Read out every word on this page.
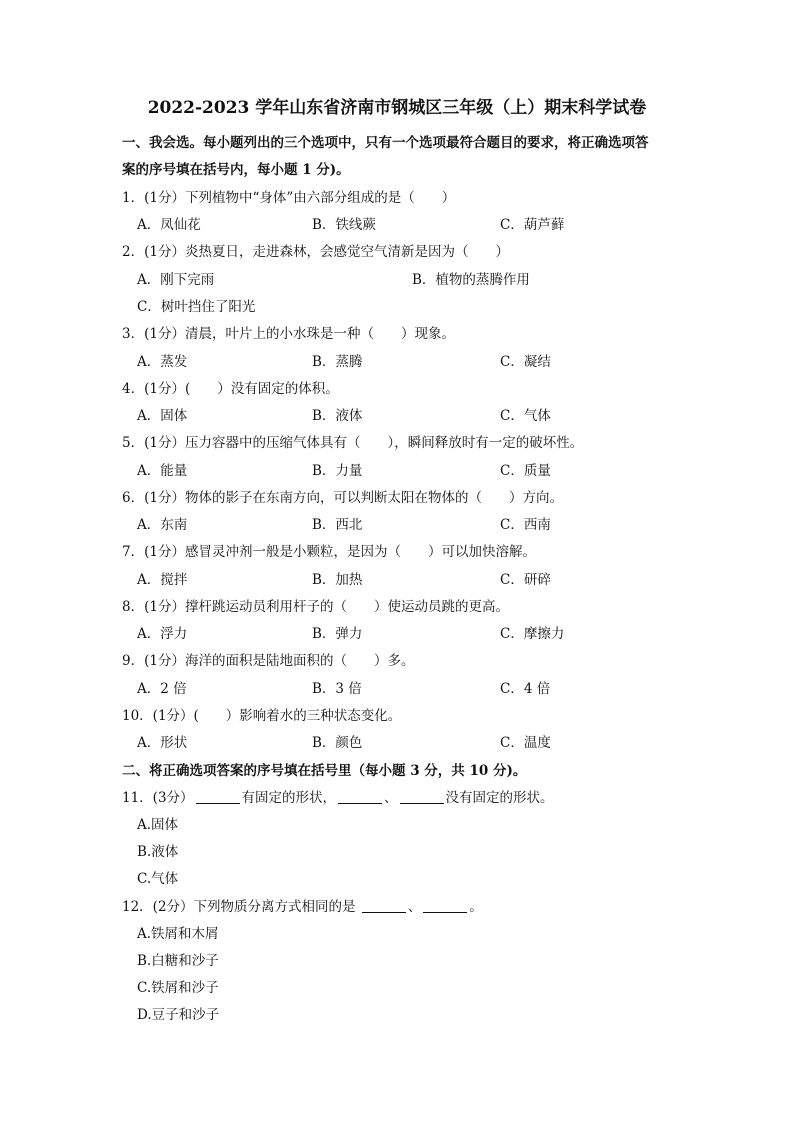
2022-2023 学年山东省济南市钢城区三年级（上）期末科学试卷
一、我会选。每小题列出的三个选项中，只有一个选项最符合题目的要求，将正确选项答
案的序号填在括号内，每小题 1 分)。
1．(1分）下列植物中“身体”由六部分组成的是（　　）
A．凤仙花	B．铁线蕨	C．葫芦藓
2．(1分）炎热夏日，走进森林，会感觉空气清新是因为（　　）
A．刚下完雨	B．植物的蒸腾作用
C．树叶挡住了阳光
3．(1分）清晨，叶片上的小水珠是一种（　　）现象。
A．蒸发	B．蒸腾	C．凝结
4．(1分）(　　）没有固定的体积。
A．固体	B．液体	C．气体
5．(1分）压力容器中的压缩气体具有（　　），瞬间释放时有一定的破坏性。
A．能量	B．力量	C．质量
6．(1分）物体的影子在东南方向，可以判断太阳在物体的（　　）方向。
A．东南	B．西北	C．西南
7．(1分）感冒灵冲剂一般是小颗粒，是因为（　　）可以加快溶解。
A．搅拌	B．加热	C．研碎
8．(1分）撑杆跳运动员利用杆子的（　　）使运动员跳的更高。
A．浮力	B．弹力	C．摩擦力
9．(1分）海洋的面积是陆地面积的（　　）多。
A．2 倍	B．3 倍	C．4 倍
10．(1分）(　　）影响着水的三种状态变化。
A．形状	B．颜色	C．温度
二、将正确选项答案的序号填在括号里（每小题 3 分，共 10 分)。
11．(3分）	有固定的形状，	、	没有固定的形状。
A.固体
B.液体
C.气体
12．(2分）下列物质分离方式相同的是	、	。
A.铁屑和木屑
B.白糖和沙子
C.铁屑和沙子
D.豆子和沙子
